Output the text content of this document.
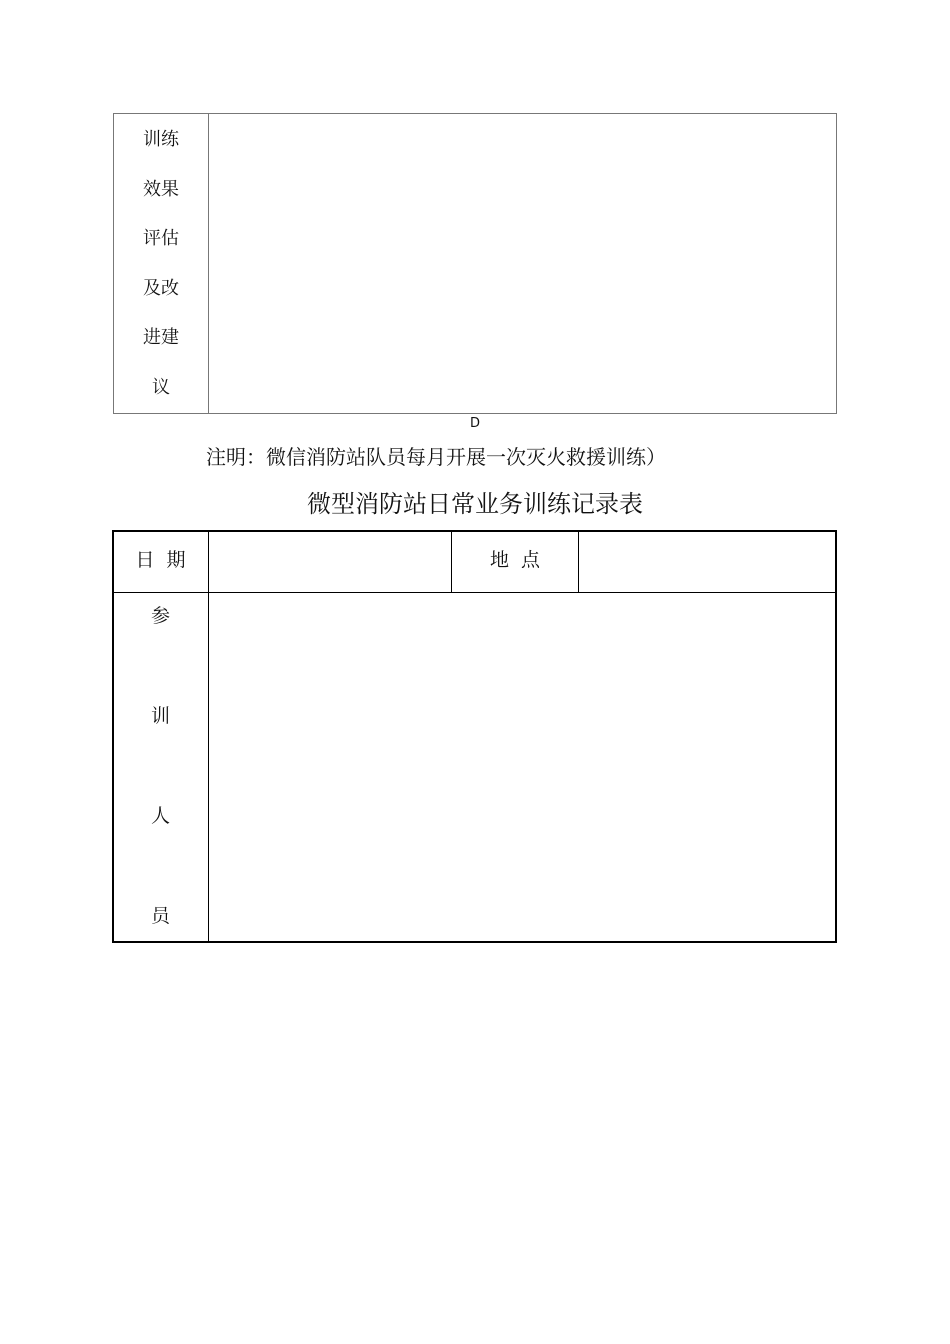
训练
效果
评估
及改
进建
议
D
注明：微信消防站队员每月开展一次灭火救援训练）
微型消防站日常业务训练记录表
日  期	地  点
参
训
人
员
